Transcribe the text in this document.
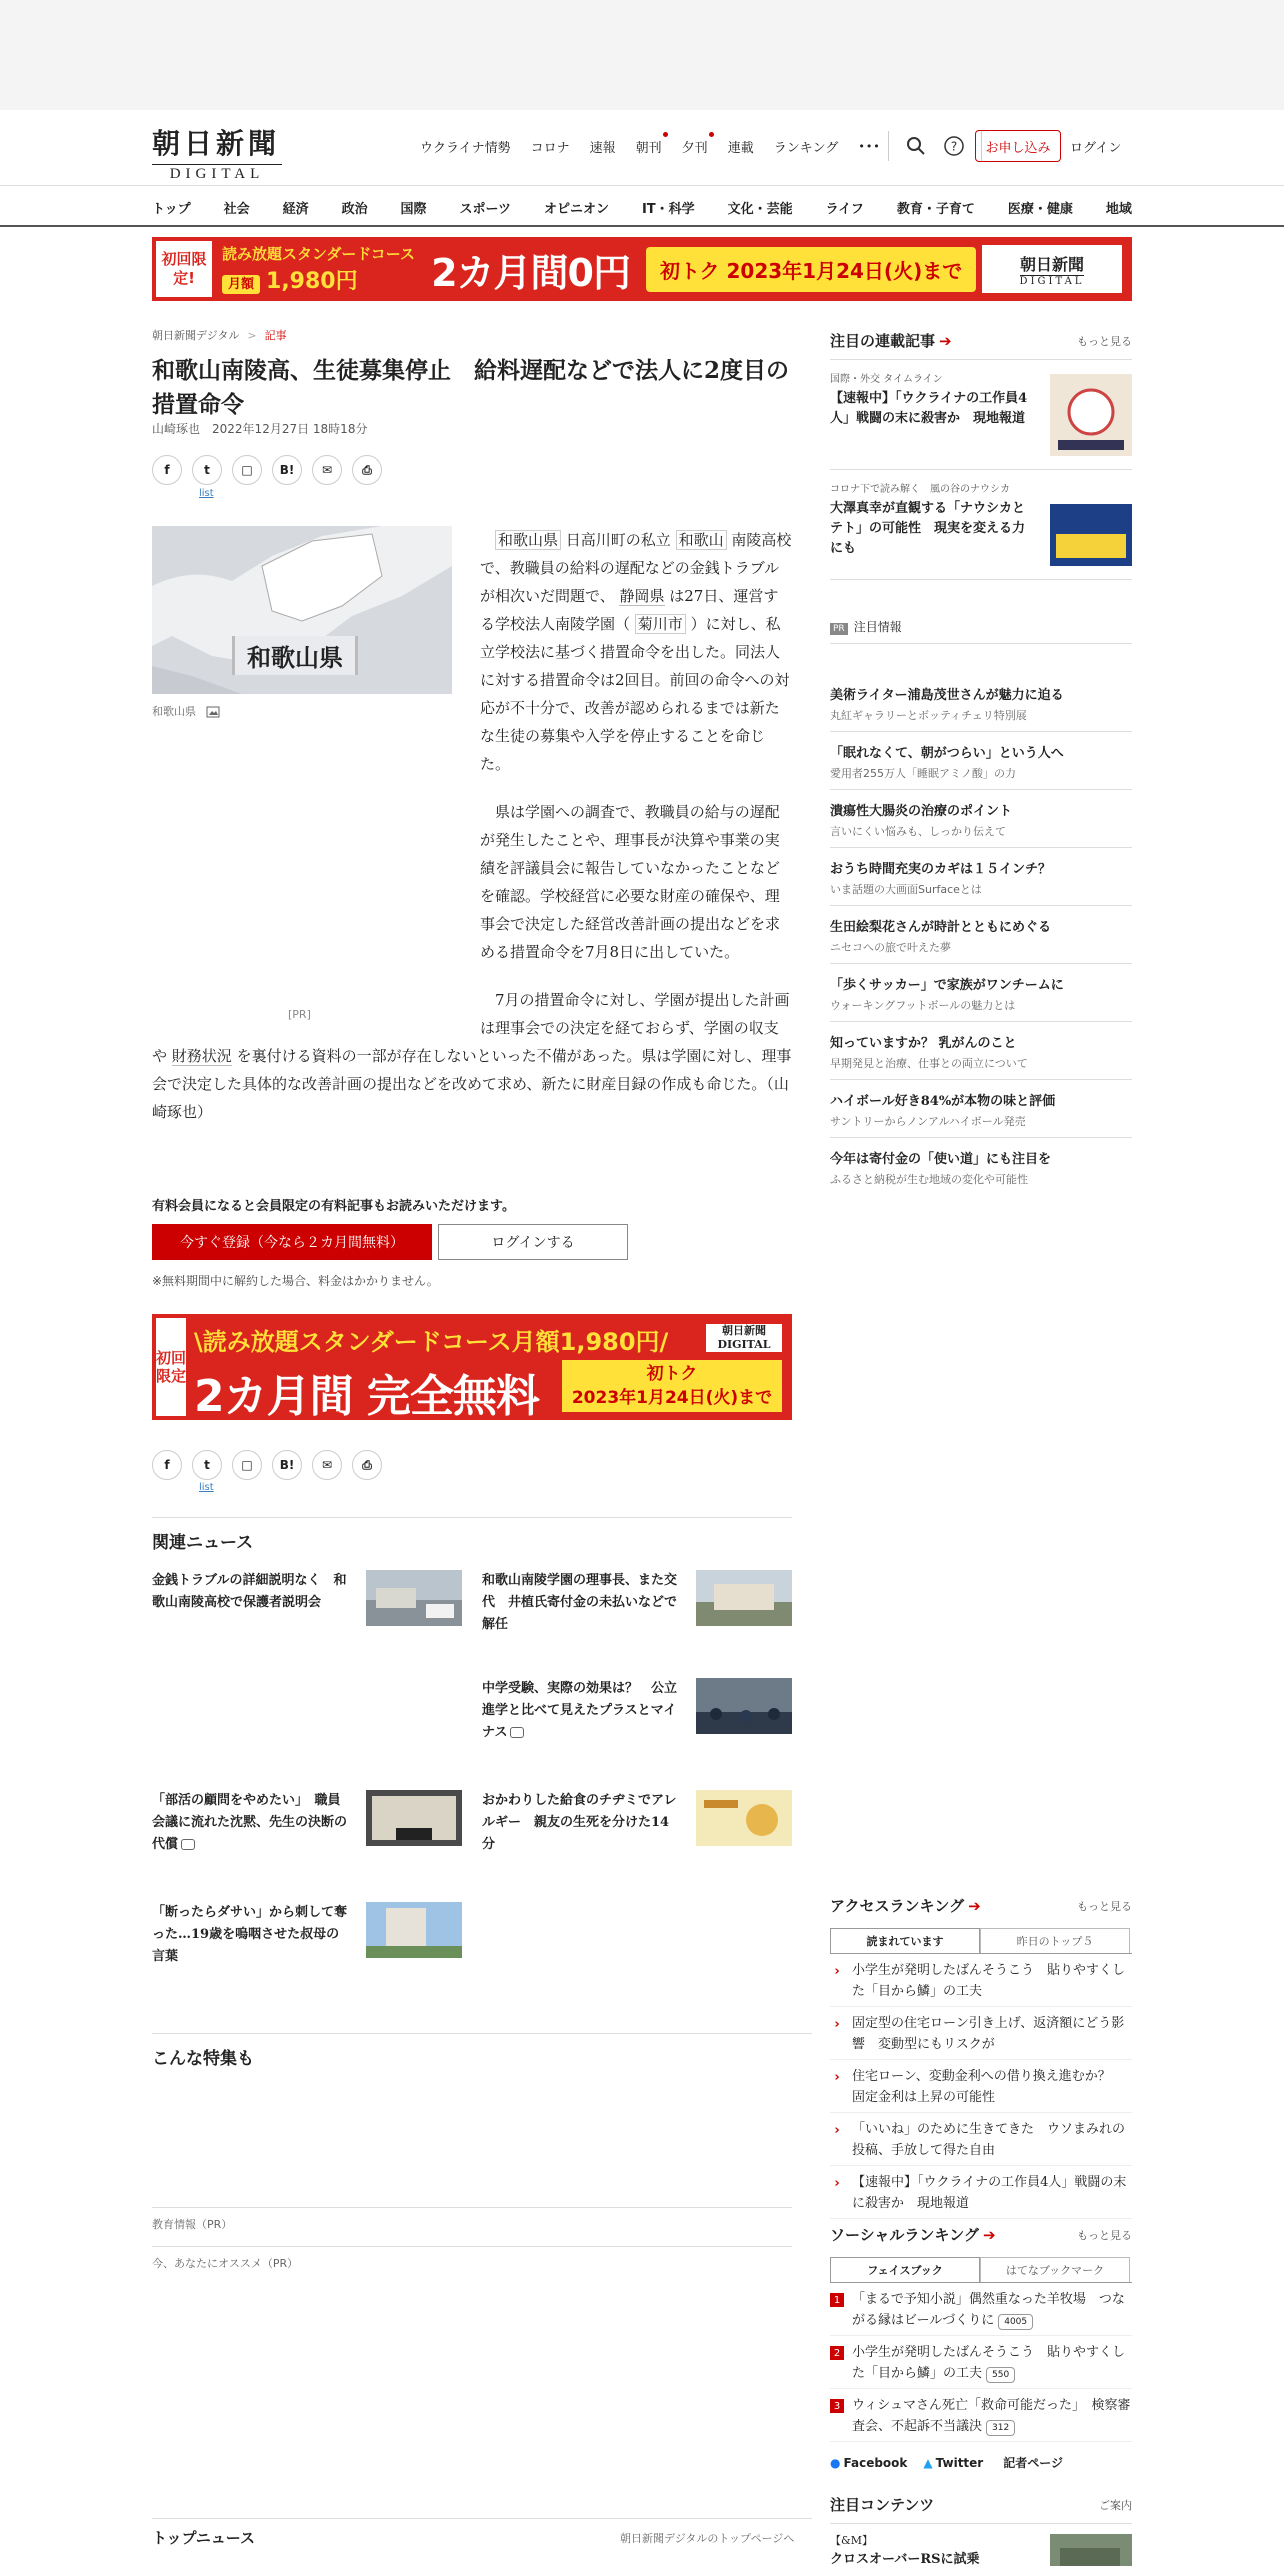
朝日新聞
DIGITAL
ウクライナ情勢 コロナ 速報 朝刊 夕刊 連載 ランキング •••	?	お申し込み	ログイン
トップ	社会	経済	政治	国際	スポーツ	オピニオン	IT・科学	文化・芸能	ライフ	教育・子育て	医療・健康	地域
初回限定!
読み放題スタンダードコース
月額 1,980円	2カ月間0円	初トク 2023年1月24日(火)まで	朝日新聞
DIGITAL
朝日新聞デジタル > 記事
和歌山南陵高、生徒募集停止　給料遅配などで法人に2度目の措置命令
山崎琢也 2022年12月27日 18時18分
f	t	□	B!	✉	⎙
list
和歌山県
和歌山県
[PR]

和歌山県 日高川町の私立 和歌山 南陵高校で、教職員の給料の遅配などの金銭トラブルが相次いだ問題で、 静岡県 は27日、運営する学校法人南陵学園（ 菊川市 ）に対し、私立学校法に基づく措置命令を出した。同法人に対する措置命令は2回目。前回の命令への対応が不十分で、改善が認められるまでは新たな生徒の募集や入学を停止することを命じた。

県は学園への調査で、教職員の給与の遅配が発生したことや、理事長が決算や事業の実績を評議員会に報告していなかったことなどを確認。学校経営に必要な財産の確保や、理事会で決定した経営改善計画の提出などを求める措置命令を7月8日に出していた。

7月の措置命令に対し、学園が提出した計画は理事会での決定を経ておらず、学園の収支や 財務状況 を裏付ける資料の一部が存在しないといった不備があった。県は学園に対し、理事会で決定した具体的な改善計画の提出などを改めて求め、新たに財産目録の作成も命じた。（山崎琢也）

有料会員になると会員限定の有料記事もお読みいただけます。
今すぐ登録（今なら２カ月間無料）	ログインする
※無料期間中に解約した場合、料金はかかりません。
初回限定
\読み放題スタンダードコース月額1,980円/
2カ月間 完全無料
朝日新聞 DIGITAL
初トク
2023年1月24日(火)まで
f	t	□	B!	✉	⎙
list
関連ニュース
金銭トラブルの詳細説明なく　和歌山南陵高校で保護者説明会
和歌山南陵学園の理事長、また交代　井植氏寄付金の未払いなどで解任
中学受験、実際の効果は？　公立進学と比べて見えたプラスとマイナス
「部活の顧問をやめたい」　職員会議に流れた沈黙、先生の決断の代償
おかわりした給食のチヂミでアレルギー　親友の生死を分けた14分
「断ったらダサい」から刺して奪った…19歳を嗚咽させた叔母の言葉
こんな特集も
教育情報（PR）
今、あなたにオススメ（PR）
トップニュース	朝日新聞デジタルのトップページへ
注目の連載記事 ➔	もっと見る
国際・外交 タイムライン
【速報中】「ウクライナの工作員4人」戦闘の末に殺害か　現地報道
コロナ下で読み解く　風の谷のナウシカ
大澤真幸が直観する「ナウシカとテト」の可能性　現実を変える力にも
PR 注目情報
美術ライター浦島茂世さんが魅力に迫る
丸紅ギャラリーとボッティチェリ特別展
「眠れなくて、朝がつらい」という人へ
愛用者255万人「睡眠アミノ酸」の力
潰瘍性大腸炎の治療のポイント
言いにくい悩みも、しっかり伝えて
おうち時間充実のカギは１５インチ？
いま話題の大画面Surfaceとは
生田絵梨花さんが時計とともにめぐる
ニセコへの旅で叶えた夢
「歩くサッカー」で家族がワンチームに
ウォーキングフットボールの魅力とは
知っていますか？ 乳がんのこと
早期発見と治療、仕事との両立について
ハイボール好き84%が本物の味と評価
サントリーからノンアルハイボール発売
今年は寄付金の「使い道」にも注目を
ふるさと納税が生む地域の変化や可能性
アクセスランキング ➔	もっと見る
読まれています	昨日のトップ５
› 小学生が発明したばんそうこう　貼りやすくした「目から鱗」の工夫
› 固定型の住宅ローン引き上げ、返済額にどう影響　変動型にもリスクが
› 住宅ローン、変動金利への借り換え進むか？　固定金利は上昇の可能性
› 「いいね」のために生きてきた　ウソまみれの投稿、手放して得た自由
› 【速報中】「ウクライナの工作員4人」戦闘の末に殺害か　現地報道
ソーシャルランキング ➔	もっと見る
フェイスブック	はてなブックマーク
1 「まるで予知小説」偶然重なった羊牧場　つながる縁はビールづくりに 4005
2 小学生が発明したばんそうこう　貼りやすくした「目から鱗」の工夫 550
3 ウィシュマさん死亡「救命可能だった」　検察審査会、不起訴不当議決 312
● Facebook ▲ Twitter 記者ページ
注目コンテンツ	ご案内
【&M】
クロスオーバーRSに試乗
